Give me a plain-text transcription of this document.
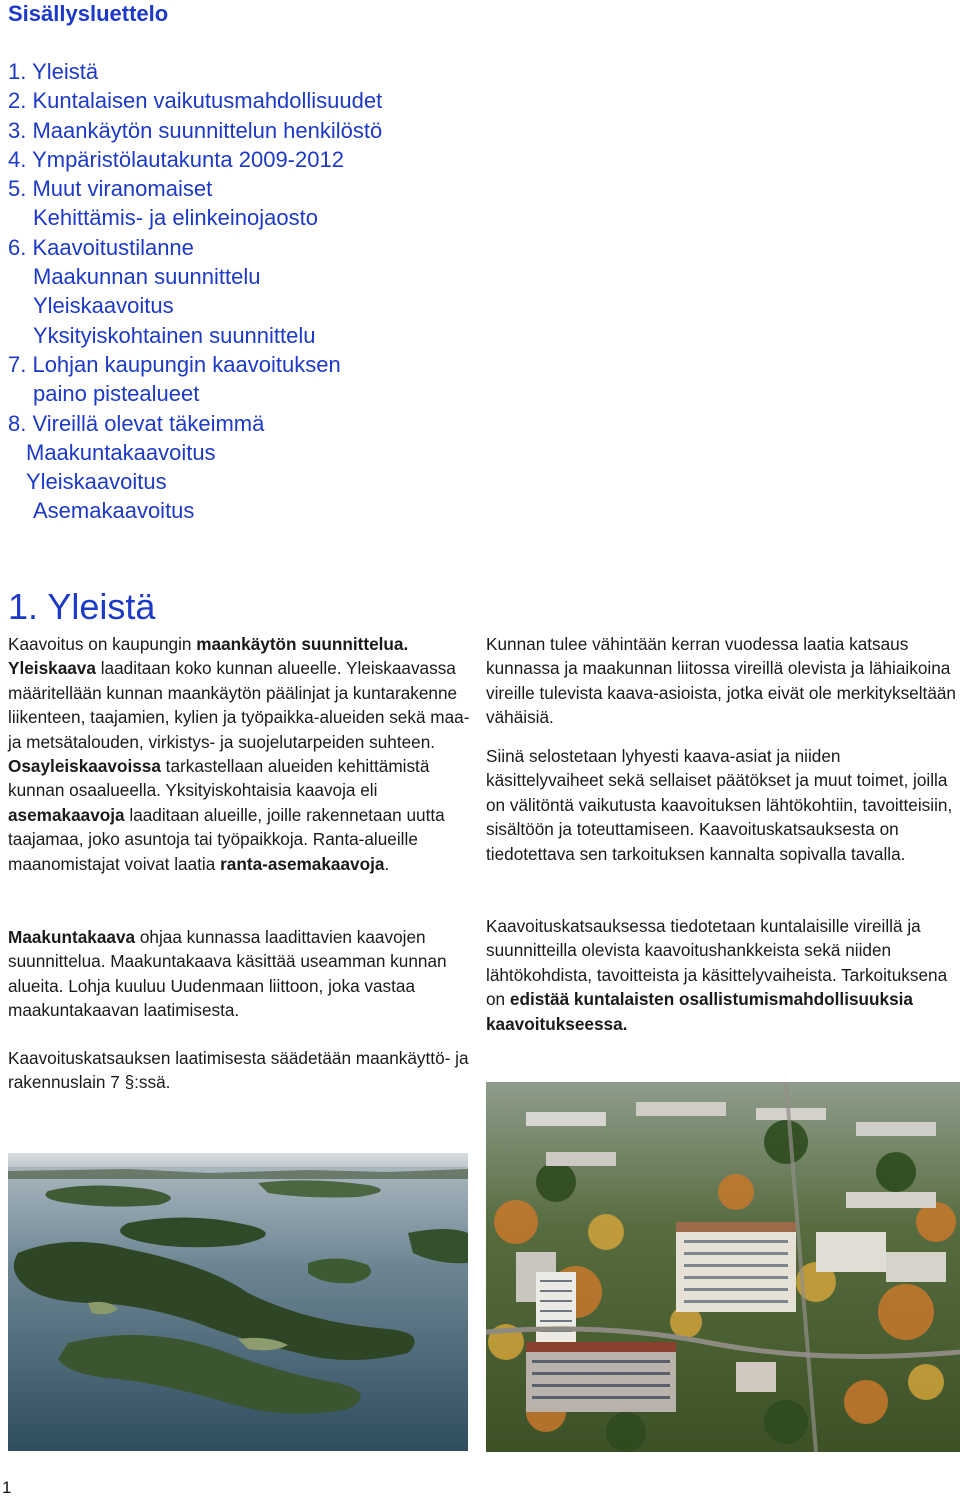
Sisällysluettelo
1. Yleistä
2. Kuntalaisen vaikutusmahdollisuudet
3. Maankäytön suunnittelun henkilöstö
4. Ympäristölautakunta 2009-2012
5. Muut viranomaiset
Kehittämis- ja elinkeinojaosto
6. Kaavoitustilanne
Maakunnan suunnittelu
Yleiskaavoitus
Yksityiskohtainen suunnittelu
7. Lohjan kaupungin kaavoituksen
paino pistealueet
8. Vireillä olevat täkeimmä
Maakuntakaavoitus
Yleiskaavoitus
Asemakaavoitus
1. Yleistä

Kaavoitus on kaupungin maankäytön suunnittelua. Yleiskaava laaditaan koko kunnan alueelle. Yleiskaavassa määritellään kunnan maankäytön päälinjat ja kuntarakenne liikenteen, taajamien, kylien ja työpaikka-alueiden sekä maa- ja metsätalouden, virkistys- ja suojelutarpeiden suhteen. Osayleiskaavoissa tarkastellaan alueiden kehittämistä kunnan osaalueella. Yksityiskohtaisia kaavoja eli asemakaavoja laaditaan alueille, joille rakennetaan uutta taajamaa, joko asuntoja tai työpaikkoja. Ranta-alueille maanomistajat voivat laatia ranta-asemakaavoja.

Maakuntakaava ohjaa kunnassa laadittavien kaavojen suunnittelua. Maakuntakaava käsittää useamman kunnan alueita. Lohja kuuluu Uudenmaan liittoon, joka vastaa maakuntakaavan laatimisesta.

Kaavoituskatsauksen laatimisesta säädetään maankäyttö- ja rakennuslain 7 §:ssä.

Kunnan tulee vähintään kerran vuodessa laatia katsaus kunnassa ja maakunnan liitossa vireillä olevista ja lähiaikoina vireille tulevista kaava-asioista, jotka eivät ole merkitykseltään vähäisiä.

Siinä selostetaan lyhyesti kaava-asiat ja niiden käsittelyvaiheet sekä sellaiset päätökset ja muut toimet, joilla on välitöntä vaikutusta kaavoituksen lähtökohtiin, tavoitteisiin, sisältöön ja toteuttamiseen. Kaavoituskatsauksesta on tiedotettava sen tarkoituksen kannalta sopivalla tavalla.

Kaavoituskatsauksessa tiedotetaan kuntalaisille vireillä ja suunnitteilla olevista kaavoitushankkeista sekä niiden lähtökohdista, tavoitteista ja käsittelyvaiheista. Tarkoituksena on edistää kuntalaisten osallistumismahdollisuuksia kaavoitukseessa.

1
